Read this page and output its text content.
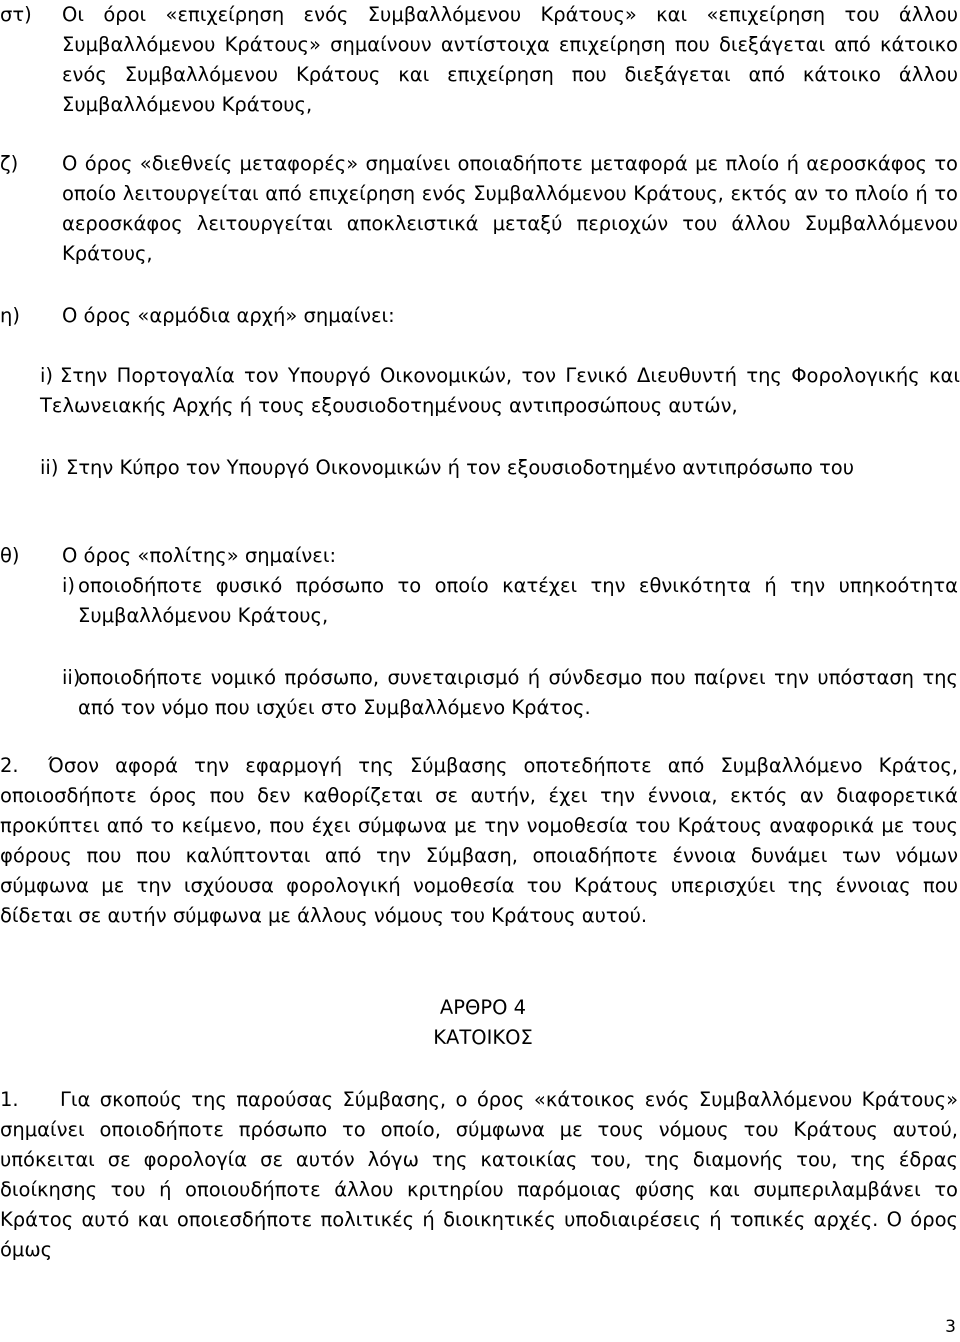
στ) Οι όροι «επιχείρηση ενός Συμβαλλόμενου Κράτους» και «επιχείρηση του άλλου Συμβαλλόμενου Κράτους» σημαίνουν αντίστοιχα επιχείρηση που διεξάγεται από κάτοικο ενός Συμβαλλόμενου Κράτους και επιχείρηση που διεξάγεται από κάτοικο άλλου Συμβαλλόμενου Κράτους,
ζ) Ο όρος «διεθνείς μεταφορές» σημαίνει οποιαδήποτε μεταφορά με πλοίο ή αεροσκάφος το οποίο λειτουργείται από επιχείρηση ενός Συμβαλλόμενου Κράτους, εκτός αν το πλοίο ή το αεροσκάφος λειτουργείται αποκλειστικά μεταξύ περιοχών του άλλου Συμβαλλόμενου Κράτους,
η) Ο όρος «αρμόδια αρχή» σημαίνει:
i) Στην Πορτογαλία τον Υπουργό Οικονομικών, τον Γενικό Διευθυντή της Φορολογικής και Τελωνειακής Αρχής ή τους εξουσιοδοτημένους αντιπροσώπους αυτών,
ii) Στην Κύπρο τον Υπουργό Οικονομικών ή τον εξουσιοδοτημένο αντιπρόσωπο του
θ) Ο όρος «πολίτης» σημαίνει:
i) οποιοδήποτε φυσικό πρόσωπο το οποίο κατέχει την εθνικότητα ή την υπηκοότητα Συμβαλλόμενου Κράτους,
ii)
οποιοδήποτε νομικό πρόσωπο, συνεταιρισμό ή σύνδεσμο που παίρνει την υπόσταση της από τον νόμο που ισχύει στο Συμβαλλόμενο Κράτος.
2. Όσον αφορά την εφαρμογή της Σύμβασης οποτεδήποτε από Συμβαλλόμενο Κράτος, οποιοσδήποτε όρος που δεν καθορίζεται σε αυτήν, έχει την έννοια, εκτός αν διαφορετικά προκύπτει από το κείμενο, που έχει σύμφωνα με την νομοθεσία του Κράτους αναφορικά με τους φόρους που που καλύπτονται από την Σύμβαση, οποιαδήποτε έννοια δυνάμει των νόμων σύμφωνα με την ισχύουσα φορολογική νομοθεσία του Κράτους υπερισχύει της έννοιας που δίδεται σε αυτήν σύμφωνα με άλλους νόμους του Κράτους αυτού.
ΑΡΘΡΟ 4
ΚΑΤΟΙΚΟΣ
1. Για σκοπούς της παρούσας Σύμβασης, ο όρος «κάτοικος ενός Συμβαλλόμενου Κράτους» σημαίνει οποιοδήποτε πρόσωπο το οποίο, σύμφωνα με τους νόμους του Κράτους αυτού, υπόκειται σε φορολογία σε αυτόν λόγω της κατοικίας του, της διαμονής του, της έδρας διοίκησης του ή οποιουδήποτε άλλου κριτηρίου παρόμοιας φύσης και συμπεριλαμβάνει το Κράτος αυτό και οποιεσδήποτε πολιτικές ή διοικητικές υποδιαιρέσεις ή τοπικές αρχές. Ο όρος όμως
3
